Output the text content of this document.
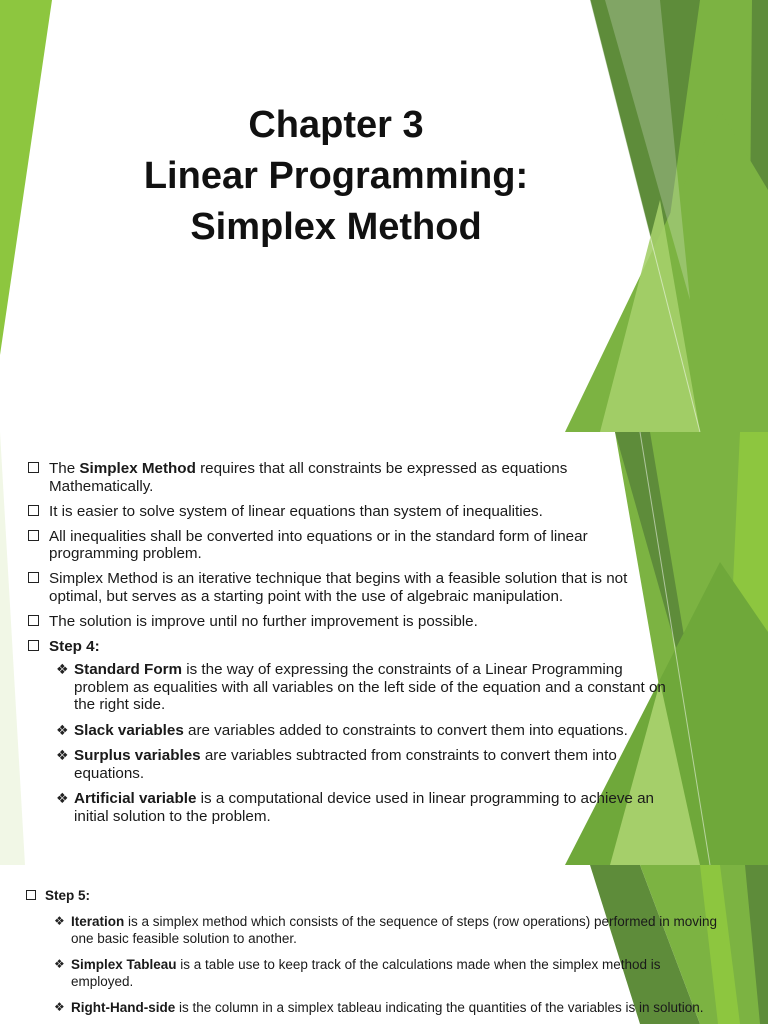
Chapter 3
Linear Programming:
Simplex Method
The Simplex Method requires that all constraints be expressed as equations Mathematically.
It is easier to solve system of linear equations than system of inequalities.
All inequalities shall be converted into equations or in the standard form of linear programming problem.
Simplex Method is an iterative technique that begins with a feasible solution that is not optimal, but serves as a starting point with the use of algebraic manipulation.
The solution is improve until no further improvement is possible.
Step 4:
❖ Standard Form is the way of expressing the constraints of a Linear Programming problem as equalities with all variables on the left side of the equation and a constant on the right side.
❖ Slack variables are variables added to constraints to convert them into equations.
❖ Surplus variables are variables subtracted from constraints to convert them into equations.
❖ Artificial variable is a computational device used in linear programming to achieve an initial solution to the problem.
Step 5:
❖ Iteration is a simplex method which consists of the sequence of steps (row operations) performed in moving one basic feasible solution to another.
❖ Simplex Tableau is a table use to keep track of the calculations made when the simplex method is employed.
❖ Right-Hand-side is the column in a simplex tableau indicating the quantities of the variables is in solution.
